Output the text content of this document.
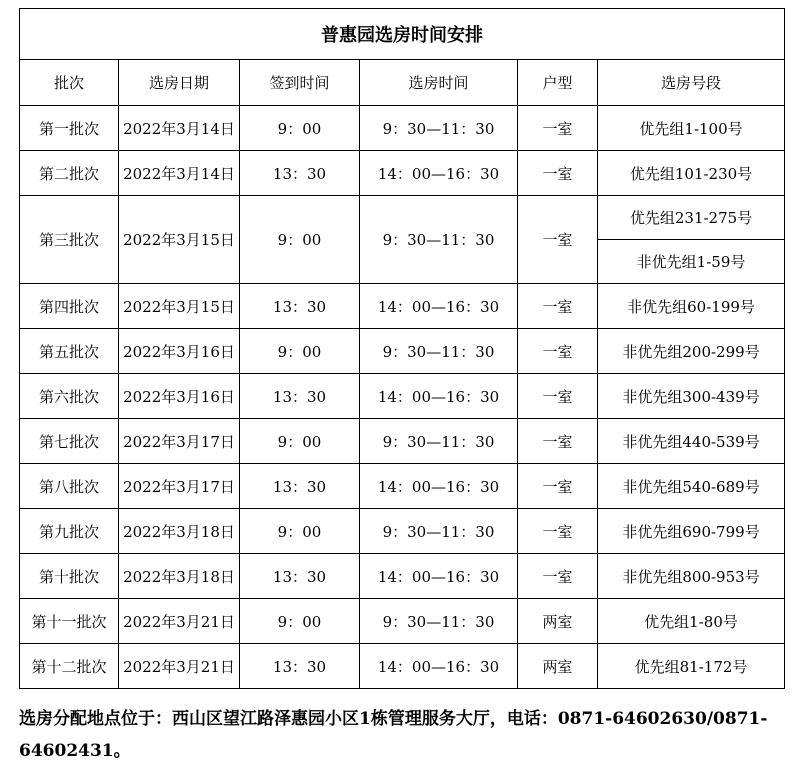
普惠园选房时间安排					
批次	选房日期	签到时间	选房时间	户型	选房号段
第一批次	2022年3月14日	9：00	9：30—11：30	一室	优先组1-100号
第二批次	2022年3月14日	13：30	14：00—16：30	一室	优先组101-230号
第三批次	2022年3月15日	9：00	9：30—11：30	一室	优先组231-275号
					非优先组1-59号
第四批次	2022年3月15日	13：30	14：00—16：30	一室	非优先组60-199号
第五批次	2022年3月16日	9：00	9：30—11：30	一室	非优先组200-299号
第六批次	2022年3月16日	13：30	14：00—16：30	一室	非优先组300-439号
第七批次	2022年3月17日	9：00	9：30—11：30	一室	非优先组440-539号
第八批次	2022年3月17日	13：30	14：00—16：30	一室	非优先组540-689号
第九批次	2022年3月18日	9：00	9：30—11：30	一室	非优先组690-799号
第十批次	2022年3月18日	13：30	14：00—16：30	一室	非优先组800-953号
第十一批次	2022年3月21日	9：00	9：30—11：30	两室	优先组1-80号
第十二批次	2022年3月21日	13：30	14：00—16：30	两室	优先组81-172号
选房分配地点位于：西山区望江路泽惠园小区1栋管理服务大厅，电话：0871-64602630/0871-64602431。
